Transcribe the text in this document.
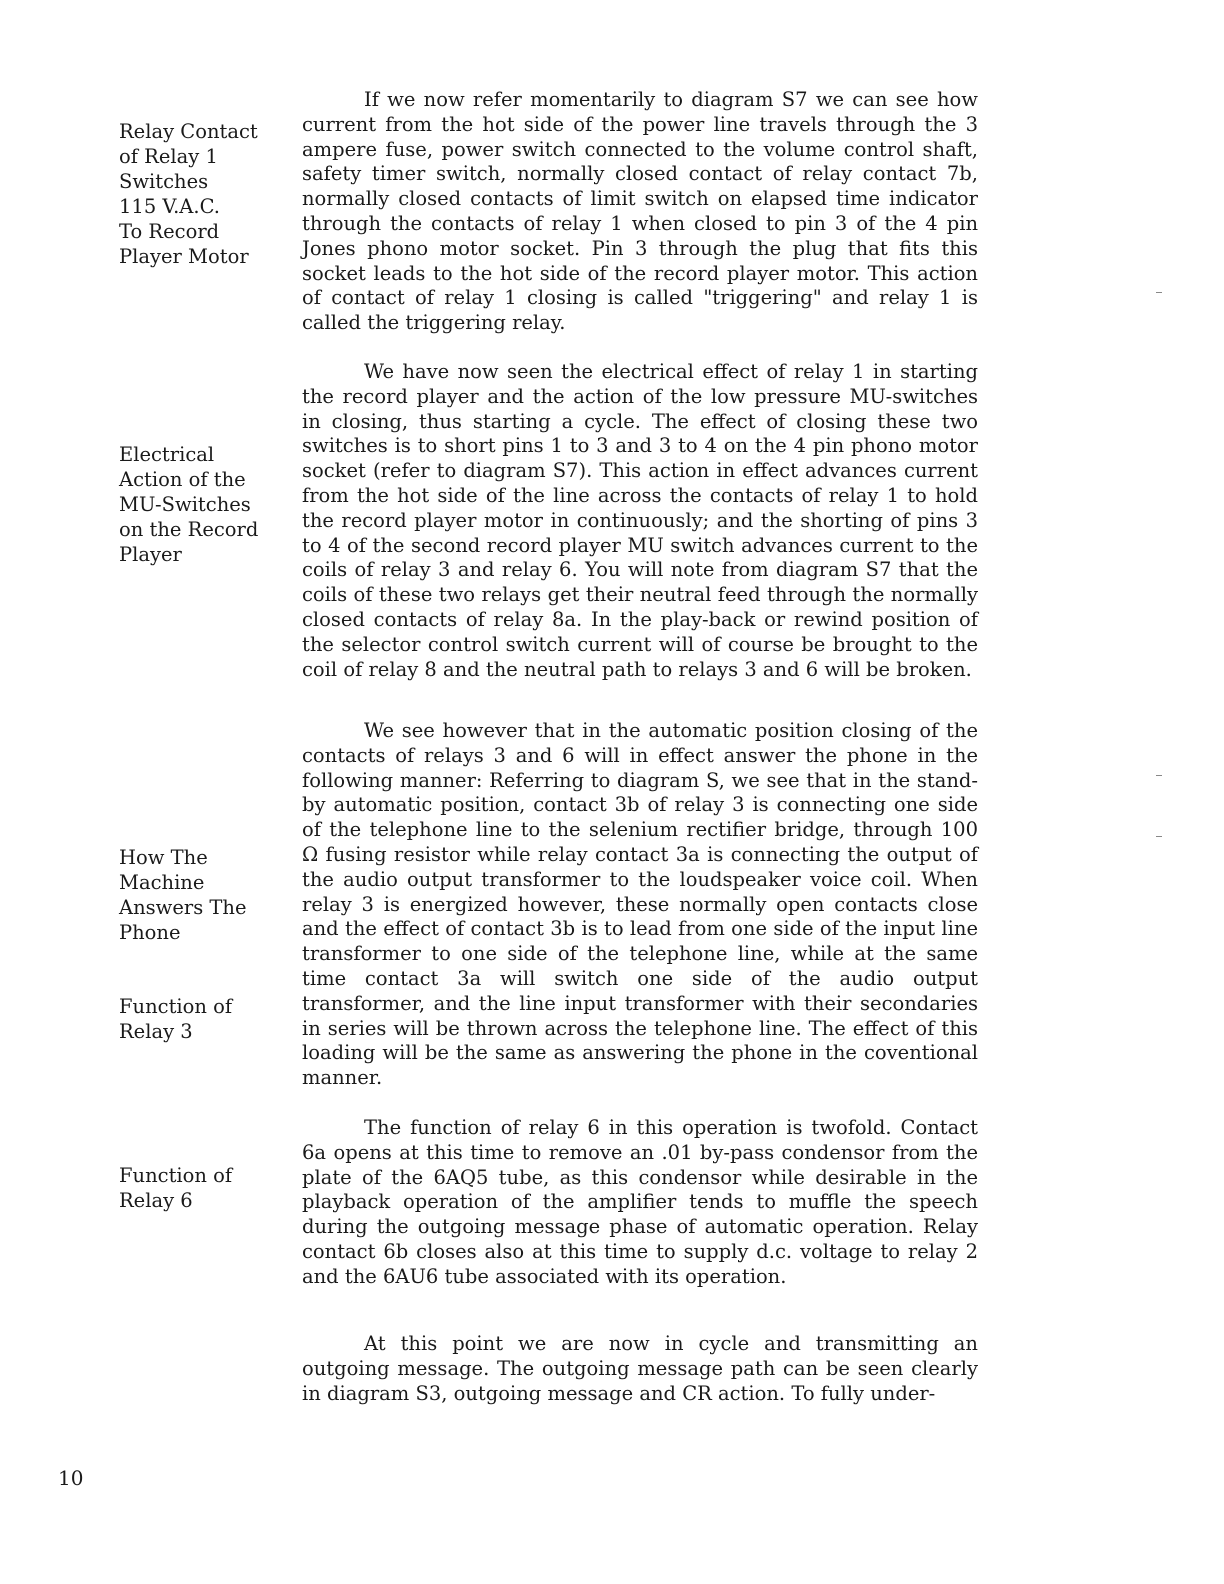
Relay Contact
of Relay 1
Switches
115 V.A.C.
To Record
Player Motor
Electrical
Action of the
MU-Switches
on the Record
Player
How The
Machine
Answers The
Phone
Function of
Relay 3
Function of
Relay 6

If we now refer momentarily to diagram S7 we can see how current from the hot side of the power line travels through the 3 ampere fuse, power switch connected to the volume control shaft, safety timer switch, normally closed contact of relay contact 7b, normally closed contacts of limit switch on elapsed time indicator through the contacts of relay 1 when closed to pin 3 of the 4 pin Jones phono motor socket. Pin 3 through the plug that fits this socket leads to the hot side of the record player motor. This action of contact of relay 1 closing is called "triggering" and relay 1 is called the triggering relay.

We have now seen the electrical effect of relay 1 in starting the record player and the action of the low pressure MU-switches in closing, thus starting a cycle. The effect of closing these two switches is to short pins 1 to 3 and 3 to 4 on the 4 pin phono motor socket (refer to diagram S7). This action in effect advances current from the hot side of the line across the contacts of relay 1 to hold the record player motor in continuously; and the shorting of pins 3 to 4 of the second record player MU switch advances current to the coils of relay 3 and relay 6. You will note from diagram S7 that the coils of these two relays get their neutral feed through the normally closed contacts of relay 8a. In the play-back or rewind position of the selector control switch current will of course be brought to the coil of relay 8 and the neutral path to relays 3 and 6 will be broken.

We see however that in the automatic position closing of the contacts of relays 3 and 6 will in effect answer the phone in the following manner: Referring to diagram S, we see that in the stand-by automatic position, contact 3b of relay 3 is connecting one side of the telephone line to the selenium rectifier bridge, through 100 Ω fusing resistor while relay contact 3a is connecting the output of the audio output transformer to the loudspeaker voice coil. When relay 3 is energized however, these normally open contacts close and the effect of contact 3b is to lead from one side of the input line transformer to one side of the telephone line, while at the same time contact 3a will switch one side of the audio output transformer, and the line input transformer with their secondaries in series will be thrown across the telephone line. The effect of this loading will be the same as answering the phone in the coventional manner.

The function of relay 6 in this operation is twofold. Contact 6a opens at this time to remove an .01 by-pass condensor from the plate of the 6AQ5 tube, as this condensor while desirable in the playback operation of the amplifier tends to muffle the speech during the outgoing message phase of automatic operation. Relay contact 6b closes also at this time to supply d.c. voltage to relay 2 and the 6AU6 tube associated with its operation.

At this point we are now in cycle and transmitting an outgoing message. The outgoing message path can be seen clearly in diagram S3, outgoing message and CR action. To fully under-

10
